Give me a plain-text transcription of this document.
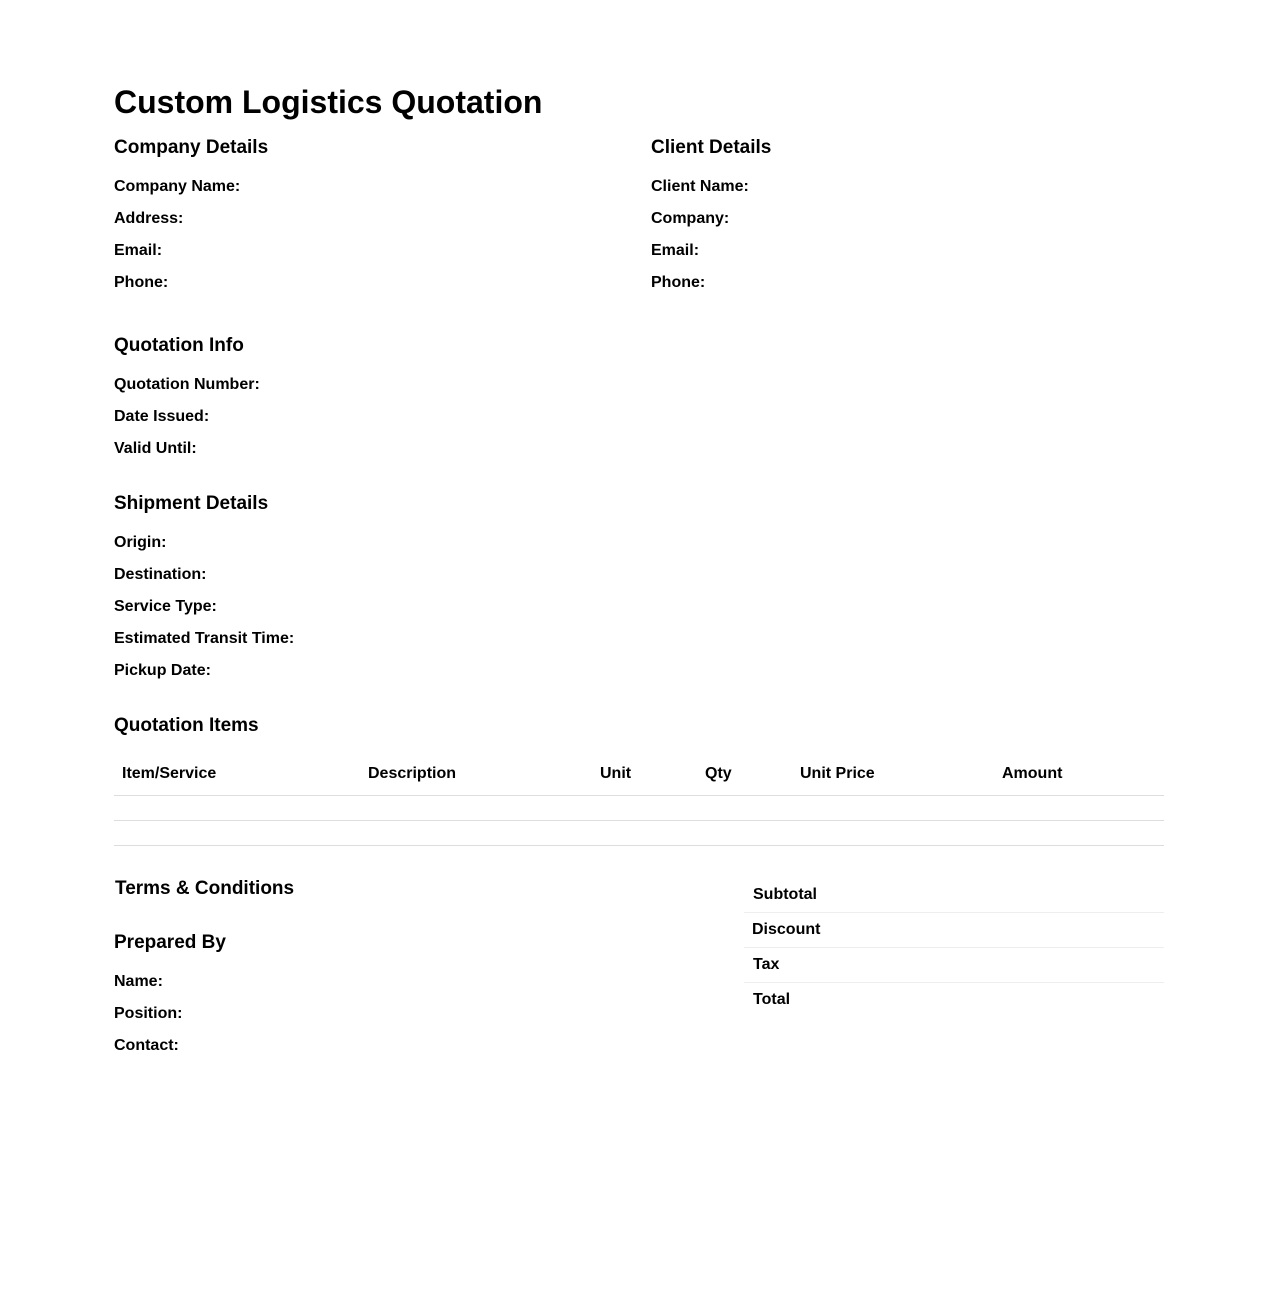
Custom Logistics Quotation
Company Details
Company Name:
Address:
Email:
Phone:
Client Details
Client Name:
Company:
Email:
Phone:
Quotation Info
Quotation Number:
Date Issued:
Valid Until:
Shipment Details
Origin:
Destination:
Service Type:
Estimated Transit Time:
Pickup Date:
Quotation Items
Item/Service	Description	Unit	Qty	Unit Price	Amount
Terms & Conditions
Prepared By
Name:
Position:
Contact:
Subtotal
Discount
Tax
Total
